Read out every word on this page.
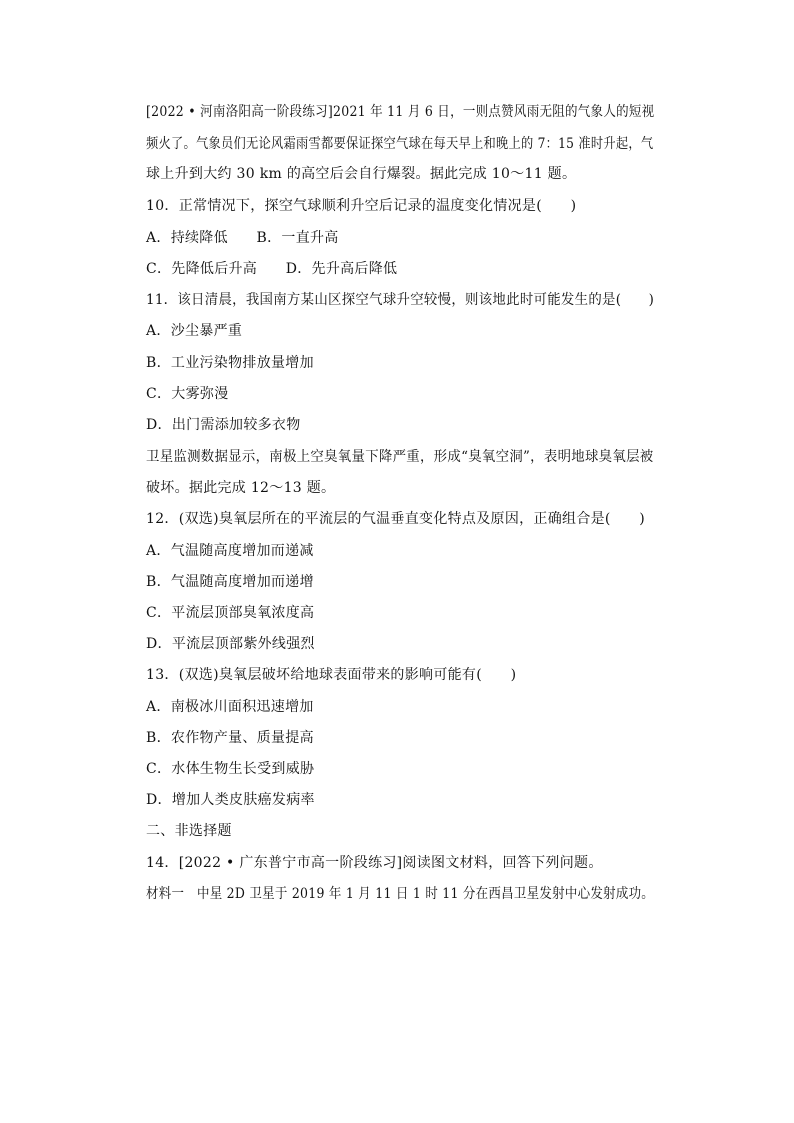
[2022 • 河南洛阳高一阶段练习]2021 年 11 月 6 日，一则点赞风雨无阻的气象人的短视
频火了。气象员们无论风霜雨雪都要保证探空气球在每天早上和晚上的 7：15 准时升起，气
球上升到大约 30 km 的高空后会自行爆裂。据此完成 10～11 题。
10．正常情况下，探空气球顺利升空后记录的温度变化情况是(　　)
A．持续降低　　B．一直升高
C．先降低后升高　　D．先升高后降低
11．该日清晨，我国南方某山区探空气球升空较慢，则该地此时可能发生的是(　　)
A．沙尘暴严重
B．工业污染物排放量增加
C．大雾弥漫
D．出门需添加较多衣物
卫星监测数据显示，南极上空臭氧量下降严重，形成“臭氧空洞”，表明地球臭氧层被
破坏。据此完成 12～13 题。
12．(双选)臭氧层所在的平流层的气温垂直变化特点及原因，正确组合是(　　)
A．气温随高度增加而递减
B．气温随高度增加而递增
C．平流层顶部臭氧浓度高
D．平流层顶部紫外线强烈
13．(双选)臭氧层破坏给地球表面带来的影响可能有(　　)
A．南极冰川面积迅速增加
B．农作物产量、质量提高
C．水体生物生长受到威胁
D．增加人类皮肤癌发病率
二、非选择题
14．[2022 • 广东普宁市高一阶段练习]阅读图文材料，回答下列问题。
材料一　中星 2D 卫星于 2019 年 1 月 11 日 1 时 11 分在西昌卫星发射中心发射成功。
